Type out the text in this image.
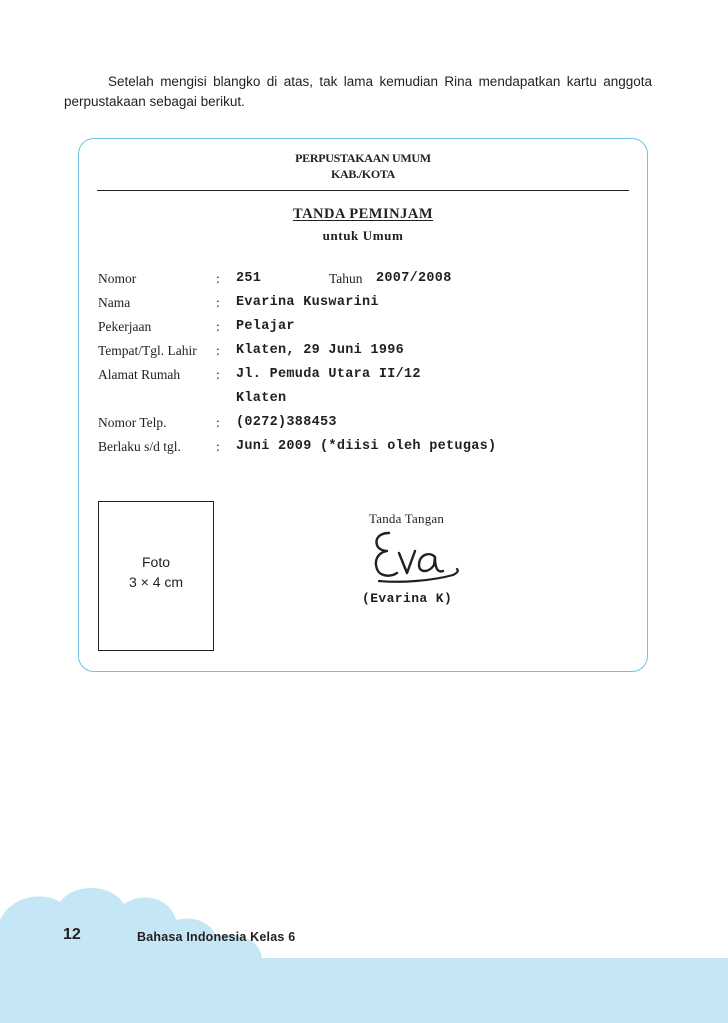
Setelah mengisi blangko di atas, tak lama kemudian Rina mendapatkan kartu anggota perpustakaan sebagai berikut.

PERPUSTAKAAN UMUM
KAB./KOTA
TANDA PEMINJAM
untuk Umum
Nomor	: 251	Tahun 2007/2008
Nama	: Evarina Kuswarini
Pekerjaan	: Pelajar
Tempat/Tgl. Lahir : Klaten, 29 Juni 1996
Alamat Rumah	: Jl. Pemuda Utara II/12
Klaten
Nomor Telp.	: (0272)388453
Berlaku s/d tgl.	: Juni 2009 (*diisi oleh petugas)
Foto
3 × 4 cm
Tanda Tangan
(Evarina K)
12	Bahasa Indonesia Kelas 6
